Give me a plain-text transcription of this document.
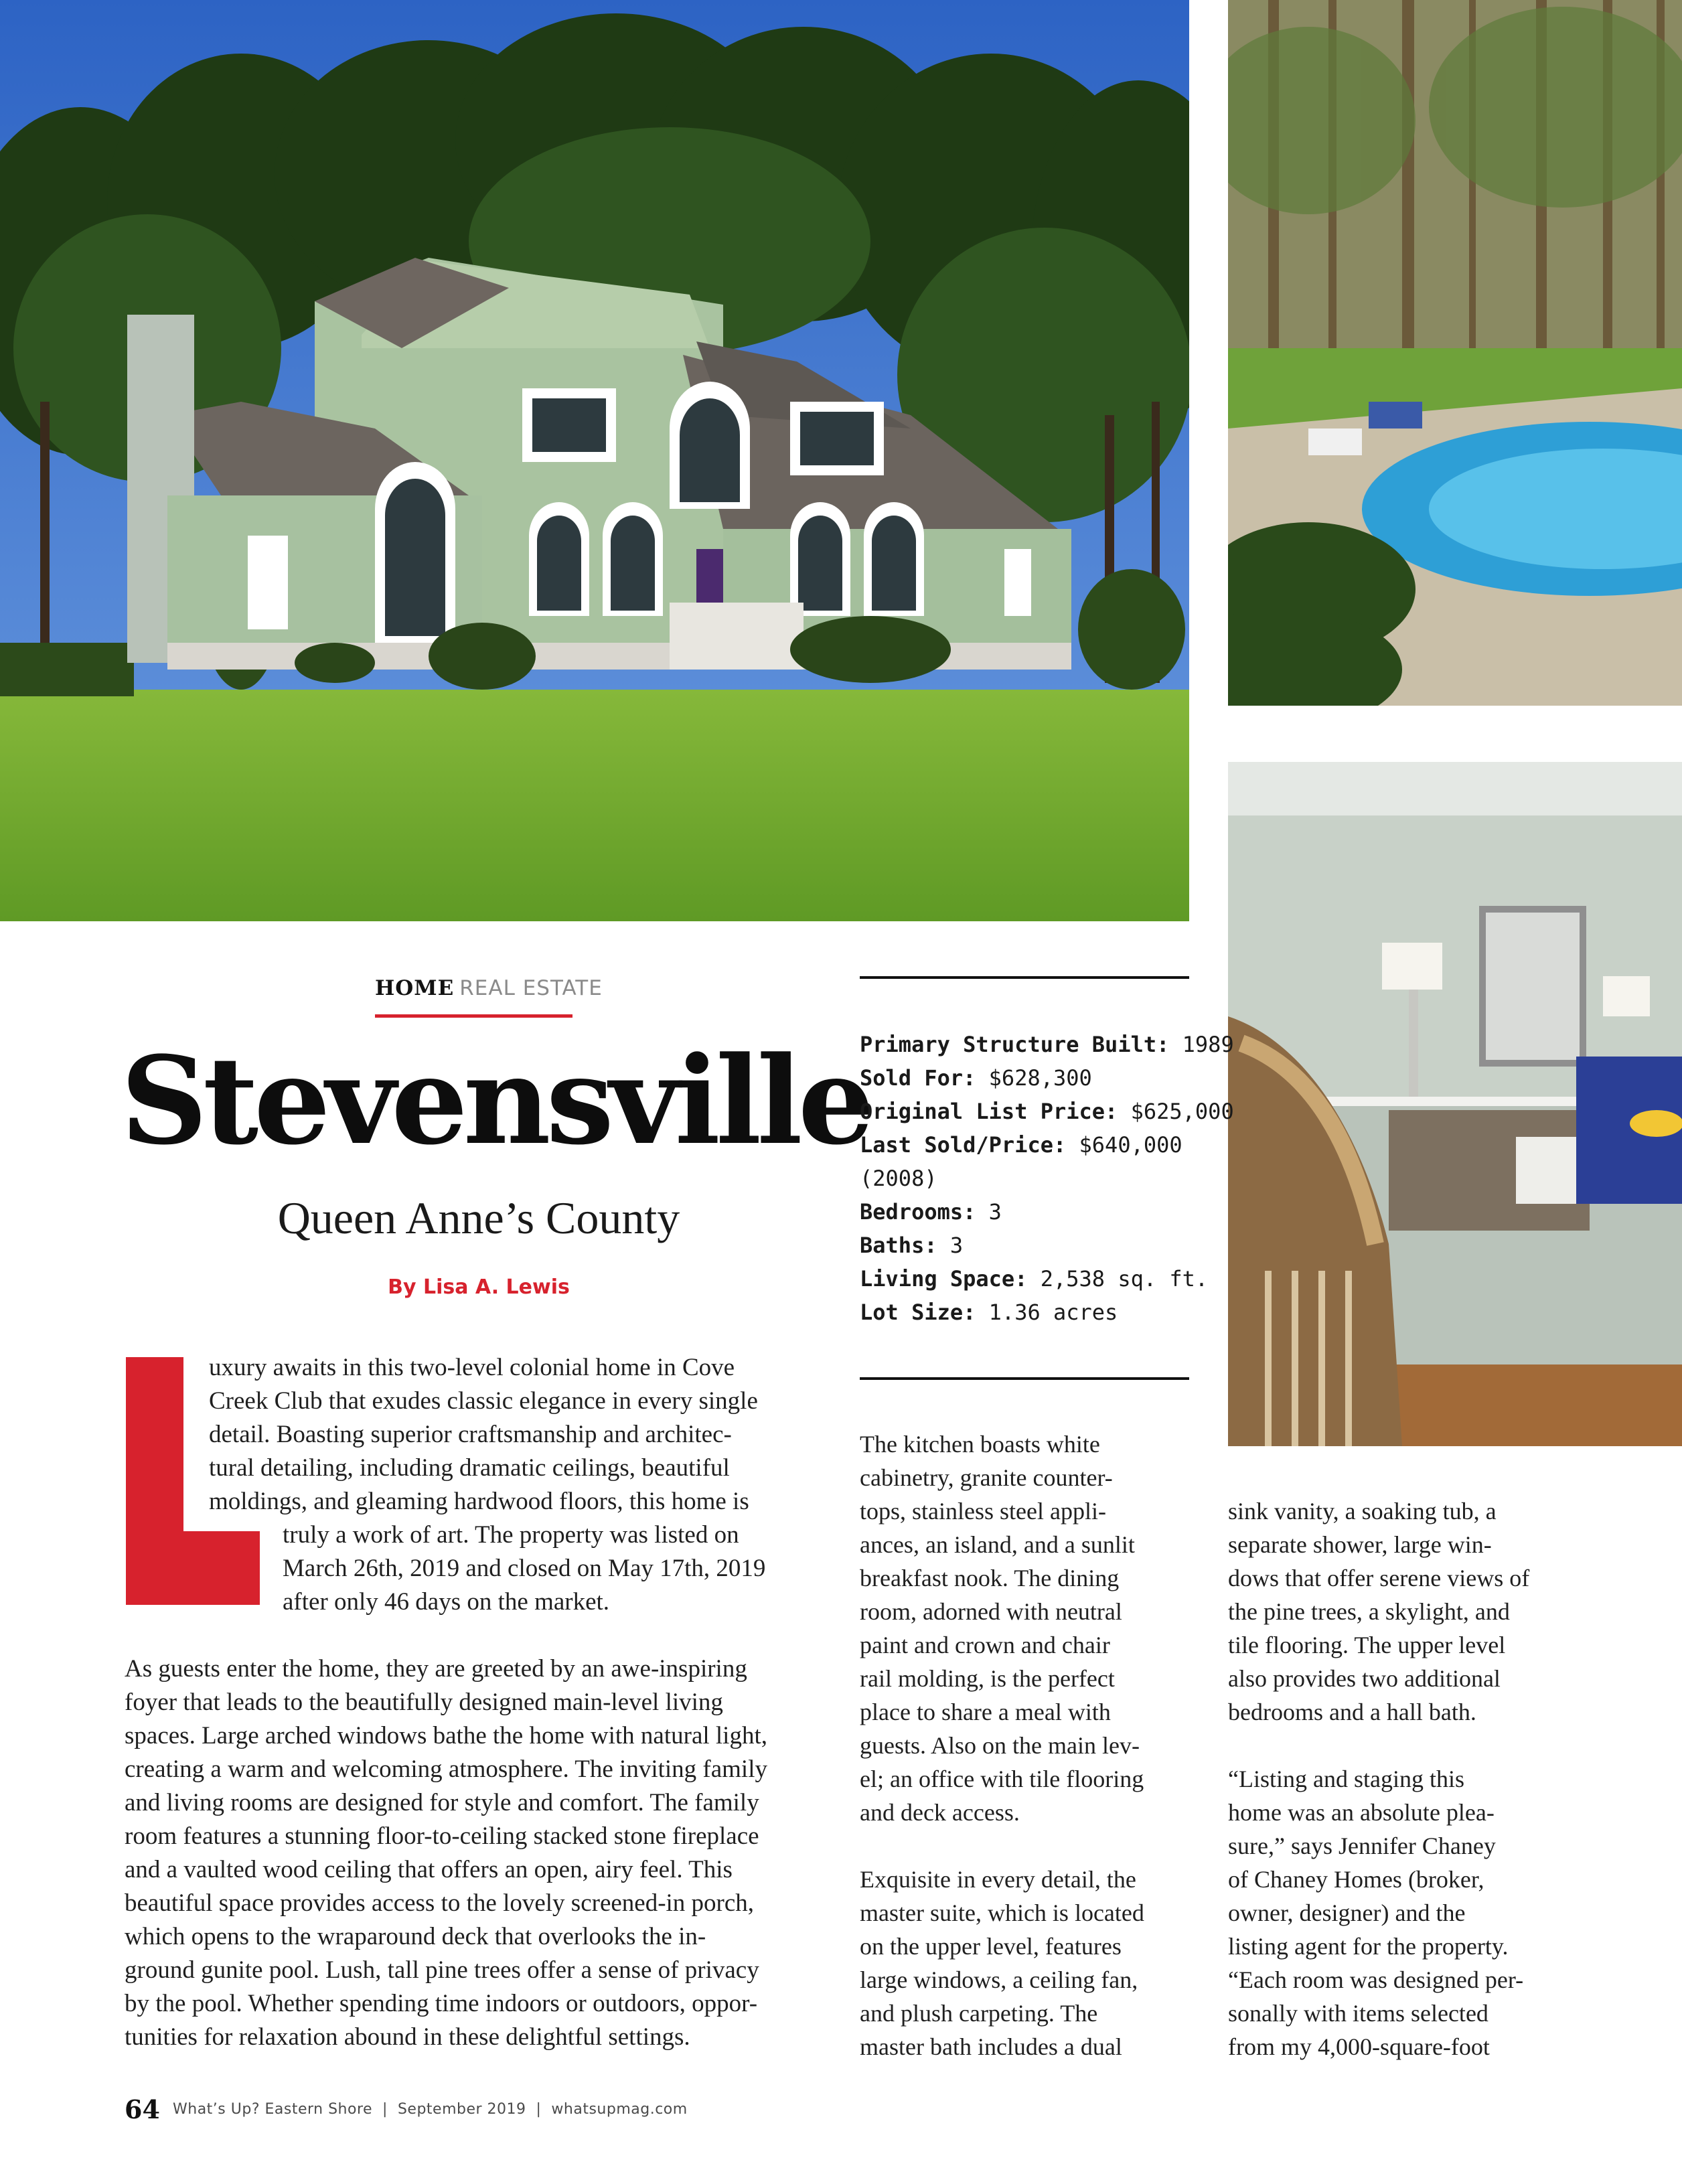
HOME REAL ESTATE
Stevensville
Queen Anne’s County
By Lisa A. Lewis

uxury awaits in this two-level colonial home in Cove
Creek Club that exudes classic elegance in every single
detail. Boasting superior craftsmanship and architec-
tural detailing, including dramatic ceilings, beautiful
moldings, and gleaming hardwood floors, this home is

truly a work of art. The property was listed on
March 26th, 2019 and closed on May 17th, 2019
after only 46 days on the market.

As guests enter the home, they are greeted by an awe-inspiring
foyer that leads to the beautifully designed main-level living
spaces. Large arched windows bathe the home with natural light,
creating a warm and welcoming atmosphere. The inviting family
and living rooms are designed for style and comfort. The family
room features a stunning floor-to-ceiling stacked stone fireplace
and a vaulted wood ceiling that offers an open, airy feel. This
beautiful space provides access to the lovely screened-in porch,
which opens to the wraparound deck that overlooks the in-
ground gunite pool. Lush, tall pine trees offer a sense of privacy
by the pool. Whether spending time indoors or outdoors, oppor-
tunities for relaxation abound in these delightful settings.

Primary Structure Built: 1989
Sold For: $628,300
Original List Price: $625,000
Last Sold/Price: $640,000
(2008)
Bedrooms: 3
Baths: 3
Living Space: 2,538 sq. ft.
Lot Size: 1.36 acres

The kitchen boasts white
cabinetry, granite counter-
tops, stainless steel appli-
ances, an island, and a sunlit
breakfast nook. The dining
room, adorned with neutral
paint and crown and chair
rail molding, is the perfect
place to share a meal with
guests. Also on the main lev-
el; an office with tile flooring
and deck access.

Exquisite in every detail, the
master suite, which is located
on the upper level, features
large windows, a ceiling fan,
and plush carpeting. The
master bath includes a dual

sink vanity, a soaking tub, a
separate shower, large win-
dows that offer serene views of
the pine trees, a skylight, and
tile flooring. The upper level
also provides two additional
bedrooms and a hall bath.

“Listing and staging this
home was an absolute plea-
sure,” says Jennifer Chaney
of Chaney Homes (broker,
owner, designer) and the
listing agent for the property.
“Each room was designed per-
sonally with items selected
from my 4,000-square-foot

64 What’s Up? Eastern Shore  |  September 2019  |  whatsupmag.com
